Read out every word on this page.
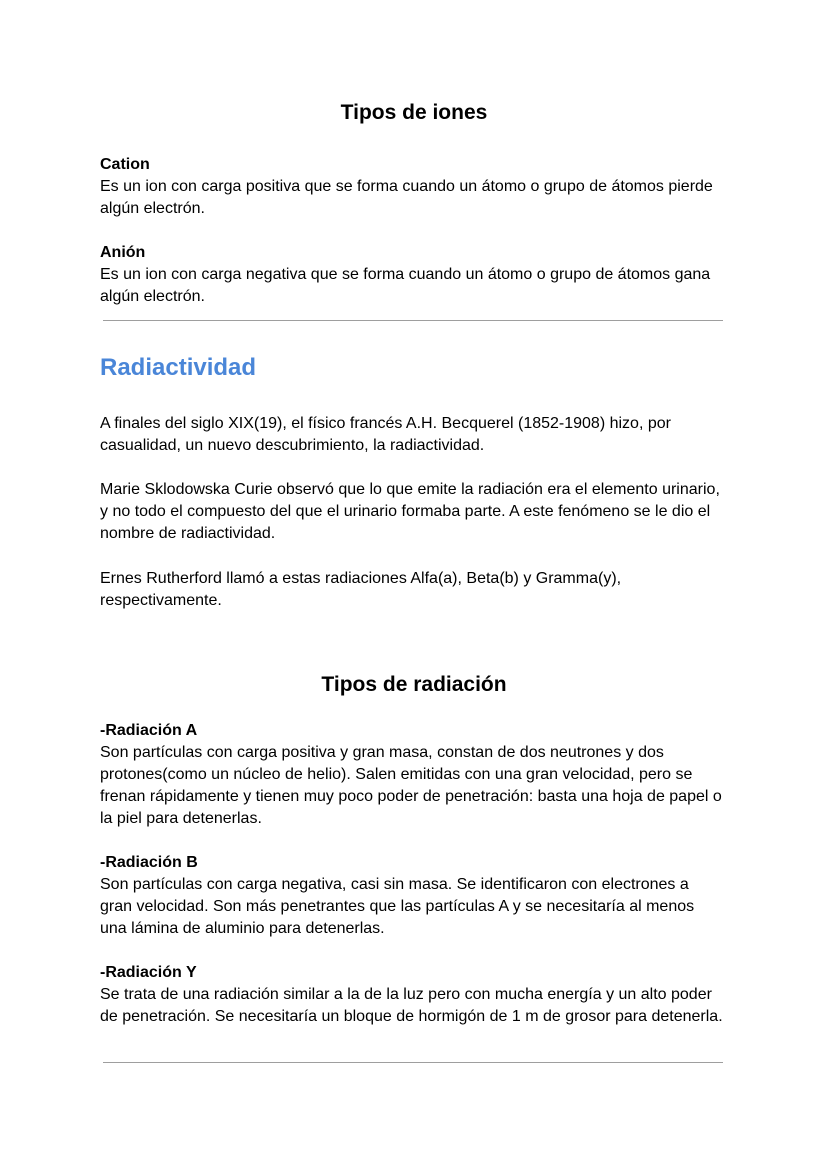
Tipos de iones

Cation

Es un ion con carga positiva que se forma cuando un átomo o grupo de átomos pierde algún electrón.

Anión

Es un ion con carga negativa que se forma cuando un átomo o grupo de átomos gana algún electrón.

Radiactividad

A finales del siglo XIX(19), el físico francés A.H. Becquerel (1852-1908) hizo, por casualidad, un nuevo descubrimiento, la radiactividad.

Marie Sklodowska Curie observó que lo que emite la radiación era el elemento urinario, y no todo el compuesto del que el urinario formaba parte. A este fenómeno se le dio el nombre de radiactividad.

Ernes Rutherford llamó a estas radiaciones Alfa(a), Beta(b) y Gramma(y), respectivamente.

Tipos de radiación

-Radiación A

Son partículas con carga positiva y gran masa, constan de dos neutrones y dos protones(como un núcleo de helio). Salen emitidas con una gran velocidad, pero se frenan rápidamente y tienen muy poco poder de penetración: basta una hoja de papel o la piel para detenerlas.

-Radiación B

Son partículas con carga negativa, casi sin masa. Se identificaron con electrones a gran velocidad. Son más penetrantes que las partículas A y se necesitaría al menos una lámina de aluminio para detenerlas.

-Radiación Y

Se trata de una radiación similar a la de la luz pero con mucha energía y un alto poder de penetración. Se necesitaría un bloque de hormigón de 1 m de grosor para detenerla.
